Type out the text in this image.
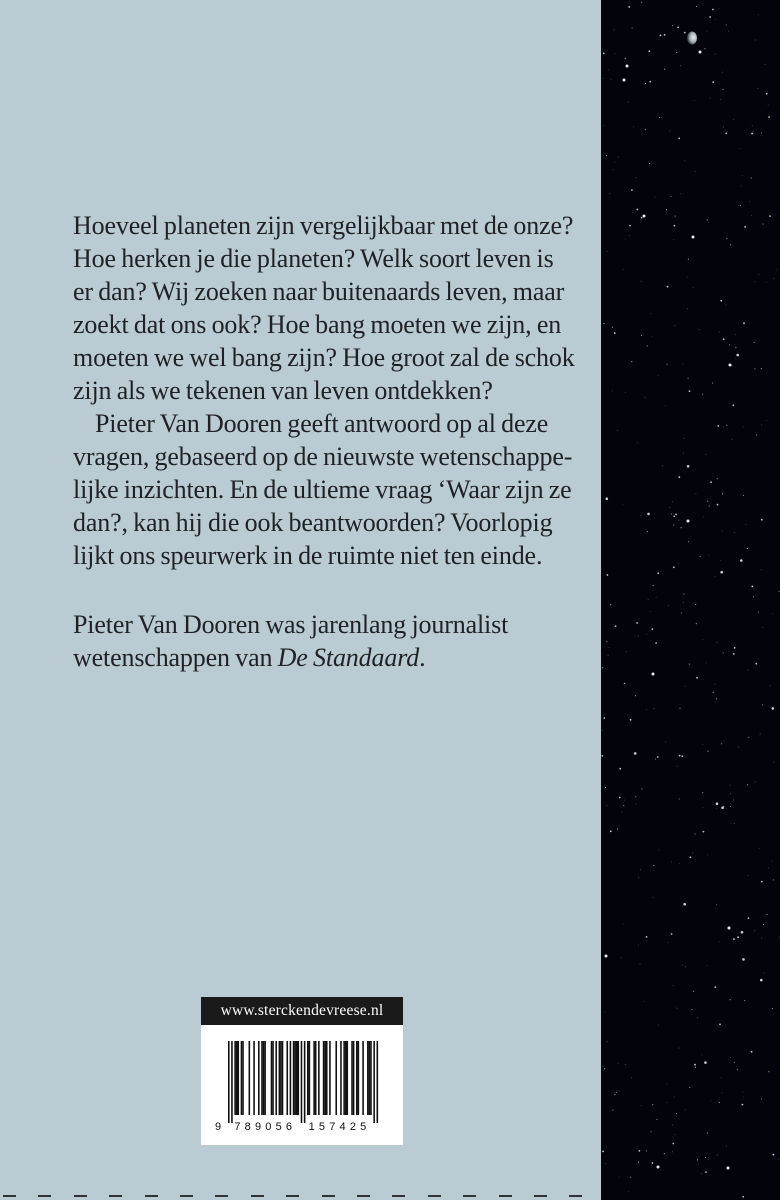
Hoeveel planeten zijn vergelijkbaar met de onze?
Hoe herken je die planeten? Welk soort leven is
er dan? Wij zoeken naar buitenaards leven, maar
zoekt dat ons ook? Hoe bang moeten we zijn, en
moeten we wel bang zijn? Hoe groot zal de schok
zijn als we tekenen van leven ontdekken?

Pieter Van Dooren geeft antwoord op al deze
vragen, gebaseerd op de nieuwste wetenschappe-
lijke inzichten. En de ultieme vraag ‘Waar zijn ze
dan?, kan hij die ook beantwoorden? Voorlopig
lijkt ons speurwerk in de ruimte niet ten einde.

Pieter Van Dooren was jarenlang journalist
wetenschappen van De Standaard.
www.sterckendevreese.nl
9 789056 157425
